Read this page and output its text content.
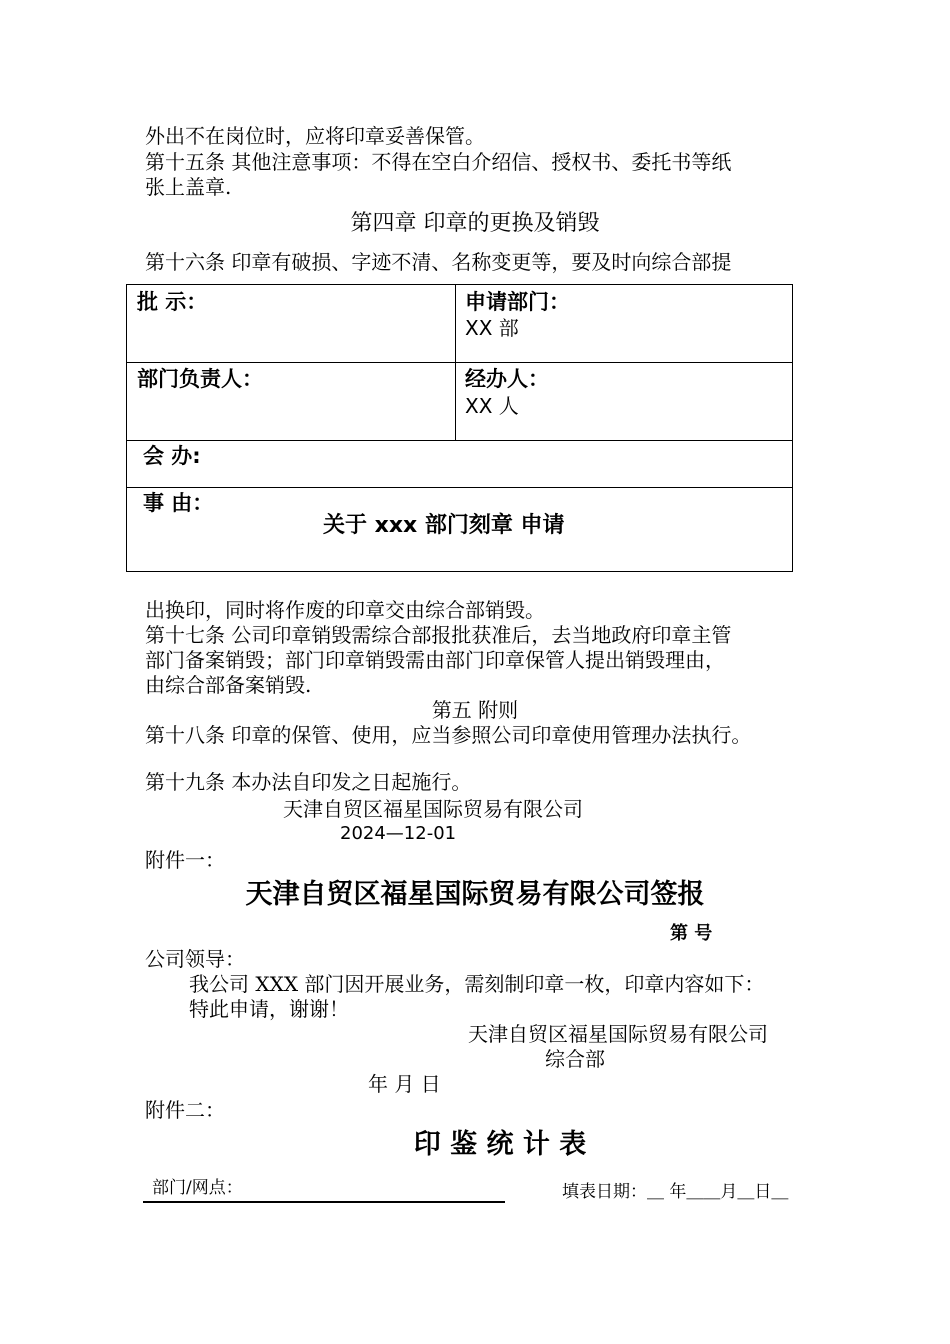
外出不在岗位时，应将印章妥善保管。
第十五条 其他注意事项：不得在空白介绍信、授权书、委托书等纸
张上盖章.
第四章 印章的更换及销毁
第十六条 印章有破损、字迹不清、名称变更等，要及时向综合部提
批 示：	申请部门：
XX 部
部门负责人：	经办人：
XX 人
会 办:
事 由：
关于 xxx 部门刻章 申请
出换印，同时将作废的印章交由综合部销毁。
第十七条 公司印章销毁需综合部报批获准后，去当地政府印章主管
部门备案销毁；部门印章销毁需由部门印章保管人提出销毁理由，
由综合部备案销毁.
第五 附则
第十八条 印章的保管、使用，应当参照公司印章使用管理办法执行。
第十九条 本办法自印发之日起施行。
天津自贸区福星国际贸易有限公司
2024—12-01
附件一：
天津自贸区福星国际贸易有限公司签报
第 号
公司领导：
我公司 XXX 部门因开展业务，需刻制印章一枚，印章内容如下：
特此申请，谢谢！
天津自贸区福星国际贸易有限公司
综合部
年 月 日
附件二：
印 鉴 统 计 表
部门/网点：	填表日期：＿ 年＿＿月＿日＿
